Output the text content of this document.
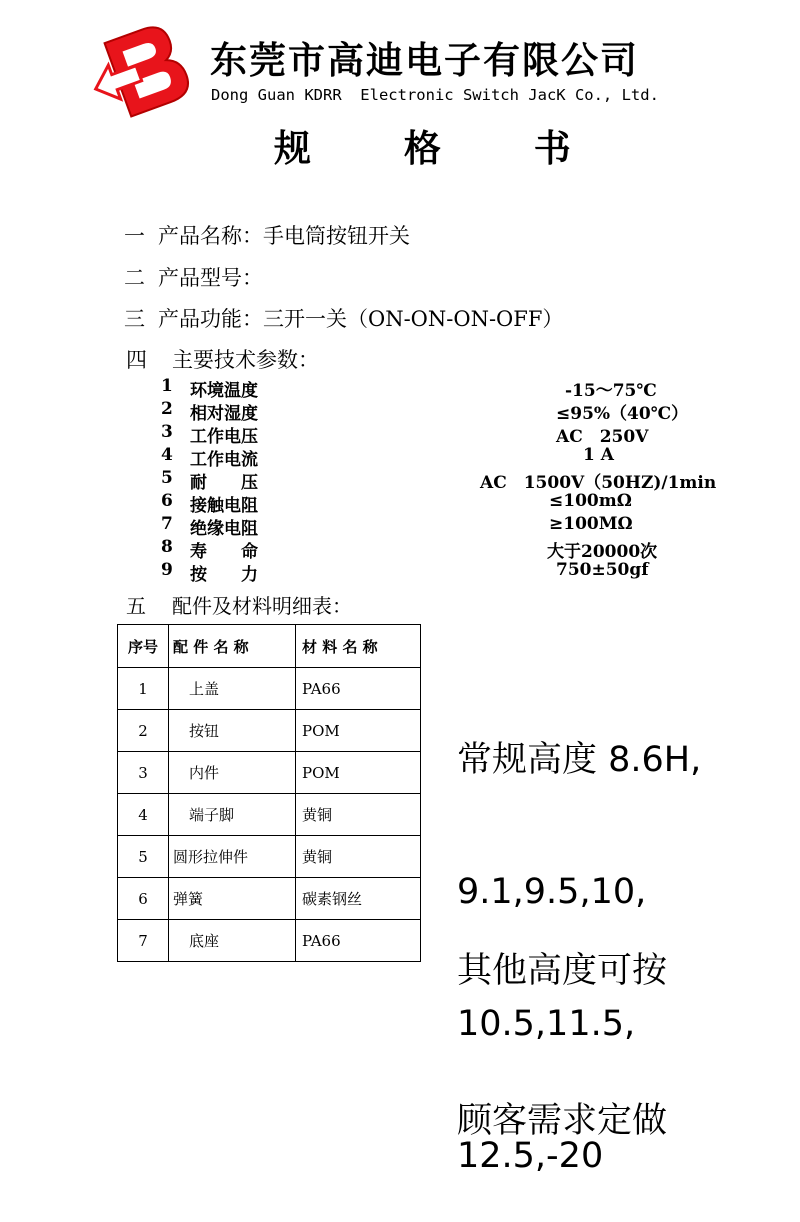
东莞市高迪电子有限公司
Dong Guan KDRR  Electronic Switch JacK Co., Ltd.
规 格 书
一 产品名称：手电筒按钮开关
二 产品型号：
三 产品功能：三开一关（ON-ON-ON-OFF）
四 主要技术参数：
1 环境温度	-15～75℃
2 相对湿度	≤95%（40℃）
3 工作电压	AC　250V
4 工作电流	1 A
5 耐　　压	AC　1500V（50HZ)/1min
6 接触电阻	≤100mΩ
7 绝缘电阻	≥100MΩ
8 寿　　命	大于20000次
9 按　　力	750±50gf
五 配件及材料明细表：
序号	配 件 名 称	材 料 名 称
1	上盖	PA66
2	按钮	POM
3	内件	POM
4	端子脚	黄铜
5	圆形拉伸件	黄铜
6	弹簧	碳素钢丝
7	底座	PA66

常规高度 8.6H,

9.1,9.5,10,

10.5,11.5,

12.5,-20

其他高度可按

顾客需求定做
